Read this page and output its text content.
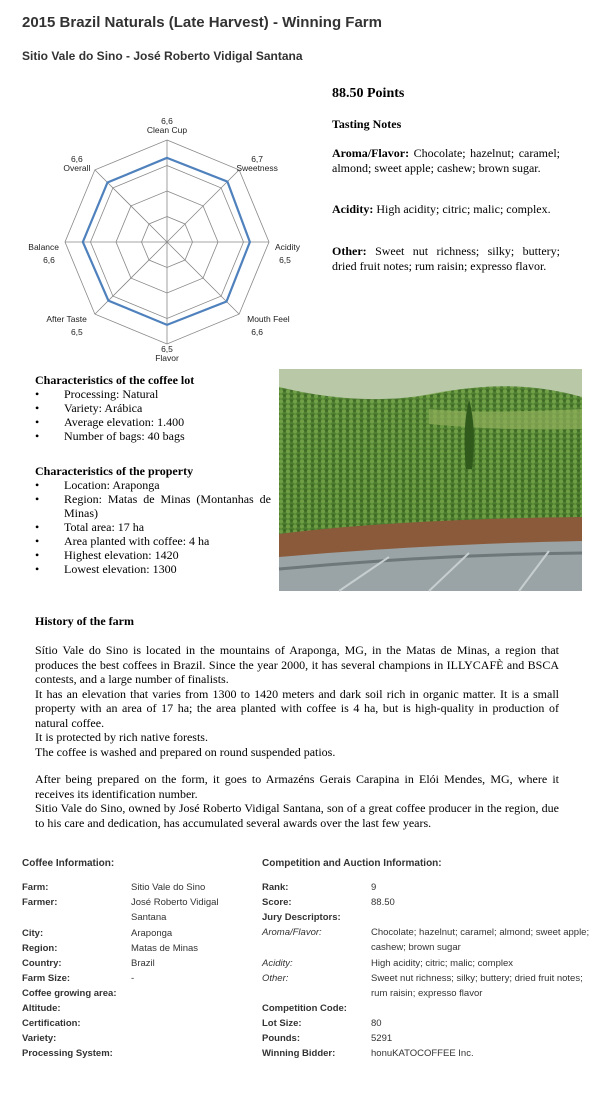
2015 Brazil Naturals (Late Harvest) - Winning Farm
Sitio Vale do Sino - José Roberto Vidigal Santana
6,6
Clean Cup
6,7
Sweetness
6,5
Acidity
6,6
Mouth Feel
6,5
Flavor
6,5
After Taste
6,6
Balance
6,6
Overall
88.50 Points
Tasting Notes
Aroma/Flavor: Chocolate; hazelnut; caramel; almond; sweet apple; cashew; brown sugar.
Acidity: High acidity; citric; malic; complex.
Other: Sweet nut richness; silky; buttery; dried fruit notes; rum raisin; expresso flavor.
Characteristics of the coffee lot
• Processing: Natural
• Variety: Arábica
• Average elevation: 1.400
• Number of bags: 40 bags
Characteristics of the property
• Location: Araponga
• Region: Matas de Minas (Montanhas de Minas)
• Total area: 17 ha
• Area planted with coffee: 4 ha
• Highest elevation: 1420
• Lowest elevation: 1300
History of the farm

Sítio Vale do Sino is located in the mountains of Araponga, MG, in the Matas de Minas, a region that produces the best coffees in Brazil. Since the year 2000, it has several champions in ILLYCAFÈ and BSCA contests, and a large number of finalists.

It has an elevation that varies from 1300 to 1420 meters and dark soil rich in organic matter. It is a small property with an area of 17 ha; the area planted with coffee is 4 ha, but is high-quality in production of natural coffee.

It is protected by rich native forests.

The coffee is washed and prepared on round suspended patios.

After being prepared on the form, it goes to Armazéns Gerais Carapina in Elói Mendes, MG, where it receives its identification number.

Sitio Vale do Sino, owned by José Roberto Vidigal Santana, son of a great coffee producer in the region, due to his care and dedication, has accumulated several awards over the last few years.

Coffee Information:
Farm:	Sitio Vale do Sino
Farmer:	José Roberto Vidigal Santana
City:	Araponga
Region:	Matas de Minas
Country:	Brazil
Farm Size:	-
Coffee growing area:
Altitude:
Certification:
Variety:
Processing System:
Competition and Auction Information:
Rank:	9
Score:	88.50
Jury Descriptors:
Aroma/Flavor:	Chocolate; hazelnut; caramel; almond; sweet apple; cashew; brown sugar
Acidity:	High acidity; citric; malic; complex
Other:	Sweet nut richness; silky; buttery; dried fruit notes; rum raisin; expresso flavor
Competition Code:
Lot Size:	80
Pounds:	5291
Winning Bidder:	honuKATOCOFFEE Inc.
